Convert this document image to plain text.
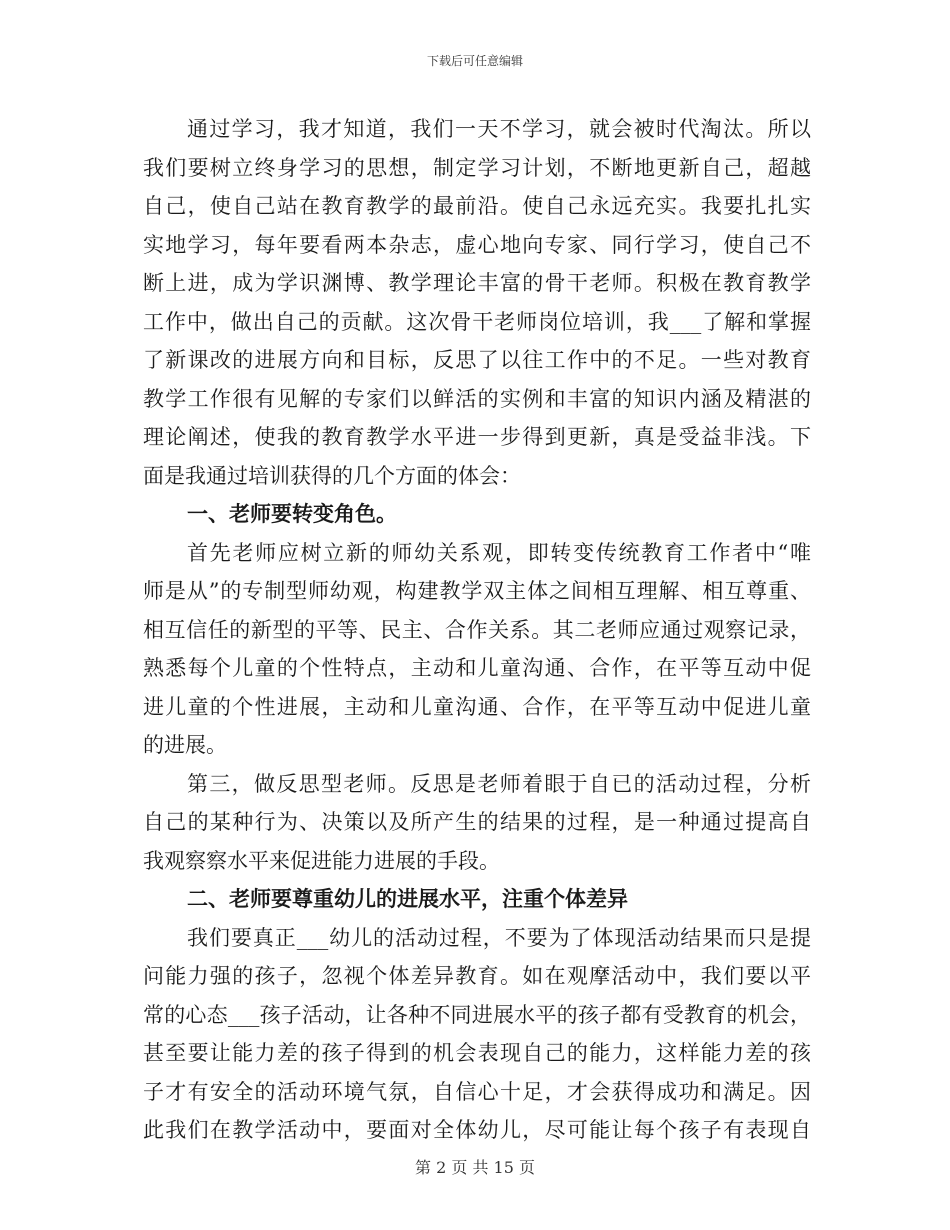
下载后可任意编辑
通过学习，我才知道，我们一天不学习，就会被时代淘汰。所以
我们要树立终身学习的思想，制定学习计划，不断地更新自己，超越
自己，使自己站在教育教学的最前沿。使自己永远充实。我要扎扎实
实地学习，每年要看两本杂志，虚心地向专家、同行学习，使自己不
断上进，成为学识渊博、教学理论丰富的骨干老师。积极在教育教学
工作中，做出自己的贡献。这次骨干老师岗位培训，我___了解和掌握
了新课改的进展方向和目标，反思了以往工作中的不足。一些对教育
教学工作很有见解的专家们以鲜活的实例和丰富的知识内涵及精湛的
理论阐述，使我的教育教学水平进一步得到更新，真是受益非浅。下
面是我通过培训获得的几个方面的体会：
一、老师要转变角色。
首先老师应树立新的师幼关系观，即转变传统教育工作者中“唯
师是从”的专制型师幼观，构建教学双主体之间相互理解、相互尊重、
相互信任的新型的平等、民主、合作关系。其二老师应通过观察记录，
熟悉每个儿童的个性特点，主动和儿童沟通、合作，在平等互动中促
进儿童的个性进展，主动和儿童沟通、合作，在平等互动中促进儿童
的进展。
第三，做反思型老师。反思是老师着眼于自已的活动过程，分析
自己的某种行为、决策以及所产生的结果的过程，是一种通过提高自
我观察察水平来促进能力进展的手段。
二、老师要尊重幼儿的进展水平，注重个体差异
我们要真正___幼儿的活动过程，不要为了体现活动结果而只是提
问能力强的孩子，忽视个体差异教育。如在观摩活动中，我们要以平
常的心态___孩子活动，让各种不同进展水平的孩子都有受教育的机会，
甚至要让能力差的孩子得到的机会表现自己的能力，这样能力差的孩
子才有安全的活动环境气氛，自信心十足，才会获得成功和满足。因
此我们在教学活动中，要面对全体幼儿，尽可能让每个孩子有表现自
第 2 页 共 15 页
